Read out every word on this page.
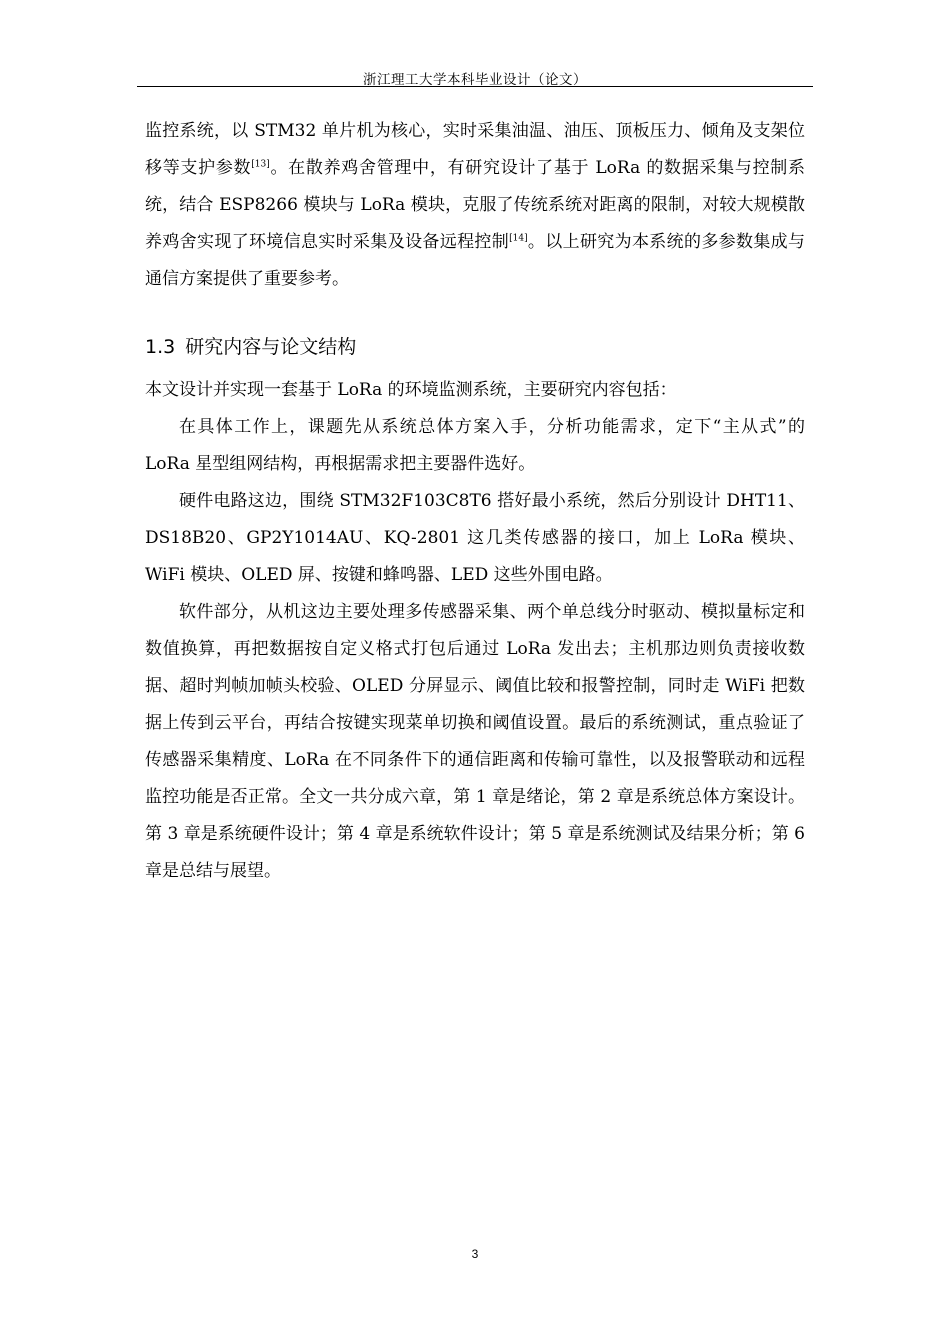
浙江理工大学本科毕业设计（论文）

监控系统，以 STM32 单片机为核心，实时采集油温、油压、顶板压力、倾角及支架位移等支护参数[13]。在散养鸡舍管理中，有研究设计了基于 LoRa 的数据采集与控制系统，结合 ESP8266 模块与 LoRa 模块，克服了传统系统对距离的限制，对较大规模散养鸡舍实现了环境信息实时采集及设备远程控制[14]。以上研究为本系统的多参数集成与通信方案提供了重要参考。

1.3 研究内容与论文结构

本文设计并实现一套基于 LoRa 的环境监测系统，主要研究内容包括：

在具体工作上，课题先从系统总体方案入手，分析功能需求，定下“主从式”的 LoRa 星型组网结构，再根据需求把主要器件选好。

硬件电路这边，围绕 STM32F103C8T6 搭好最小系统，然后分别设计 DHT11、DS18B20、GP2Y1014AU、KQ-2801 这几类传感器的接口，加上 LoRa 模块、WiFi 模块、OLED 屏、按键和蜂鸣器、LED 这些外围电路。

软件部分，从机这边主要处理多传感器采集、两个单总线分时驱动、模拟量标定和数值换算，再把数据按自定义格式打包后通过 LoRa 发出去；主机那边则负责接收数据、超时判帧加帧头校验、OLED 分屏显示、阈值比较和报警控制，同时走 WiFi 把数据上传到云平台，再结合按键实现菜单切换和阈值设置。最后的系统测试，重点验证了传感器采集精度、LoRa 在不同条件下的通信距离和传输可靠性，以及报警联动和远程监控功能是否正常。全文一共分成六章，第 1 章是绪论，第 2 章是系统总体方案设计。第 3 章是系统硬件设计；第 4 章是系统软件设计；第 5 章是系统测试及结果分析；第 6 章是总结与展望。

3
